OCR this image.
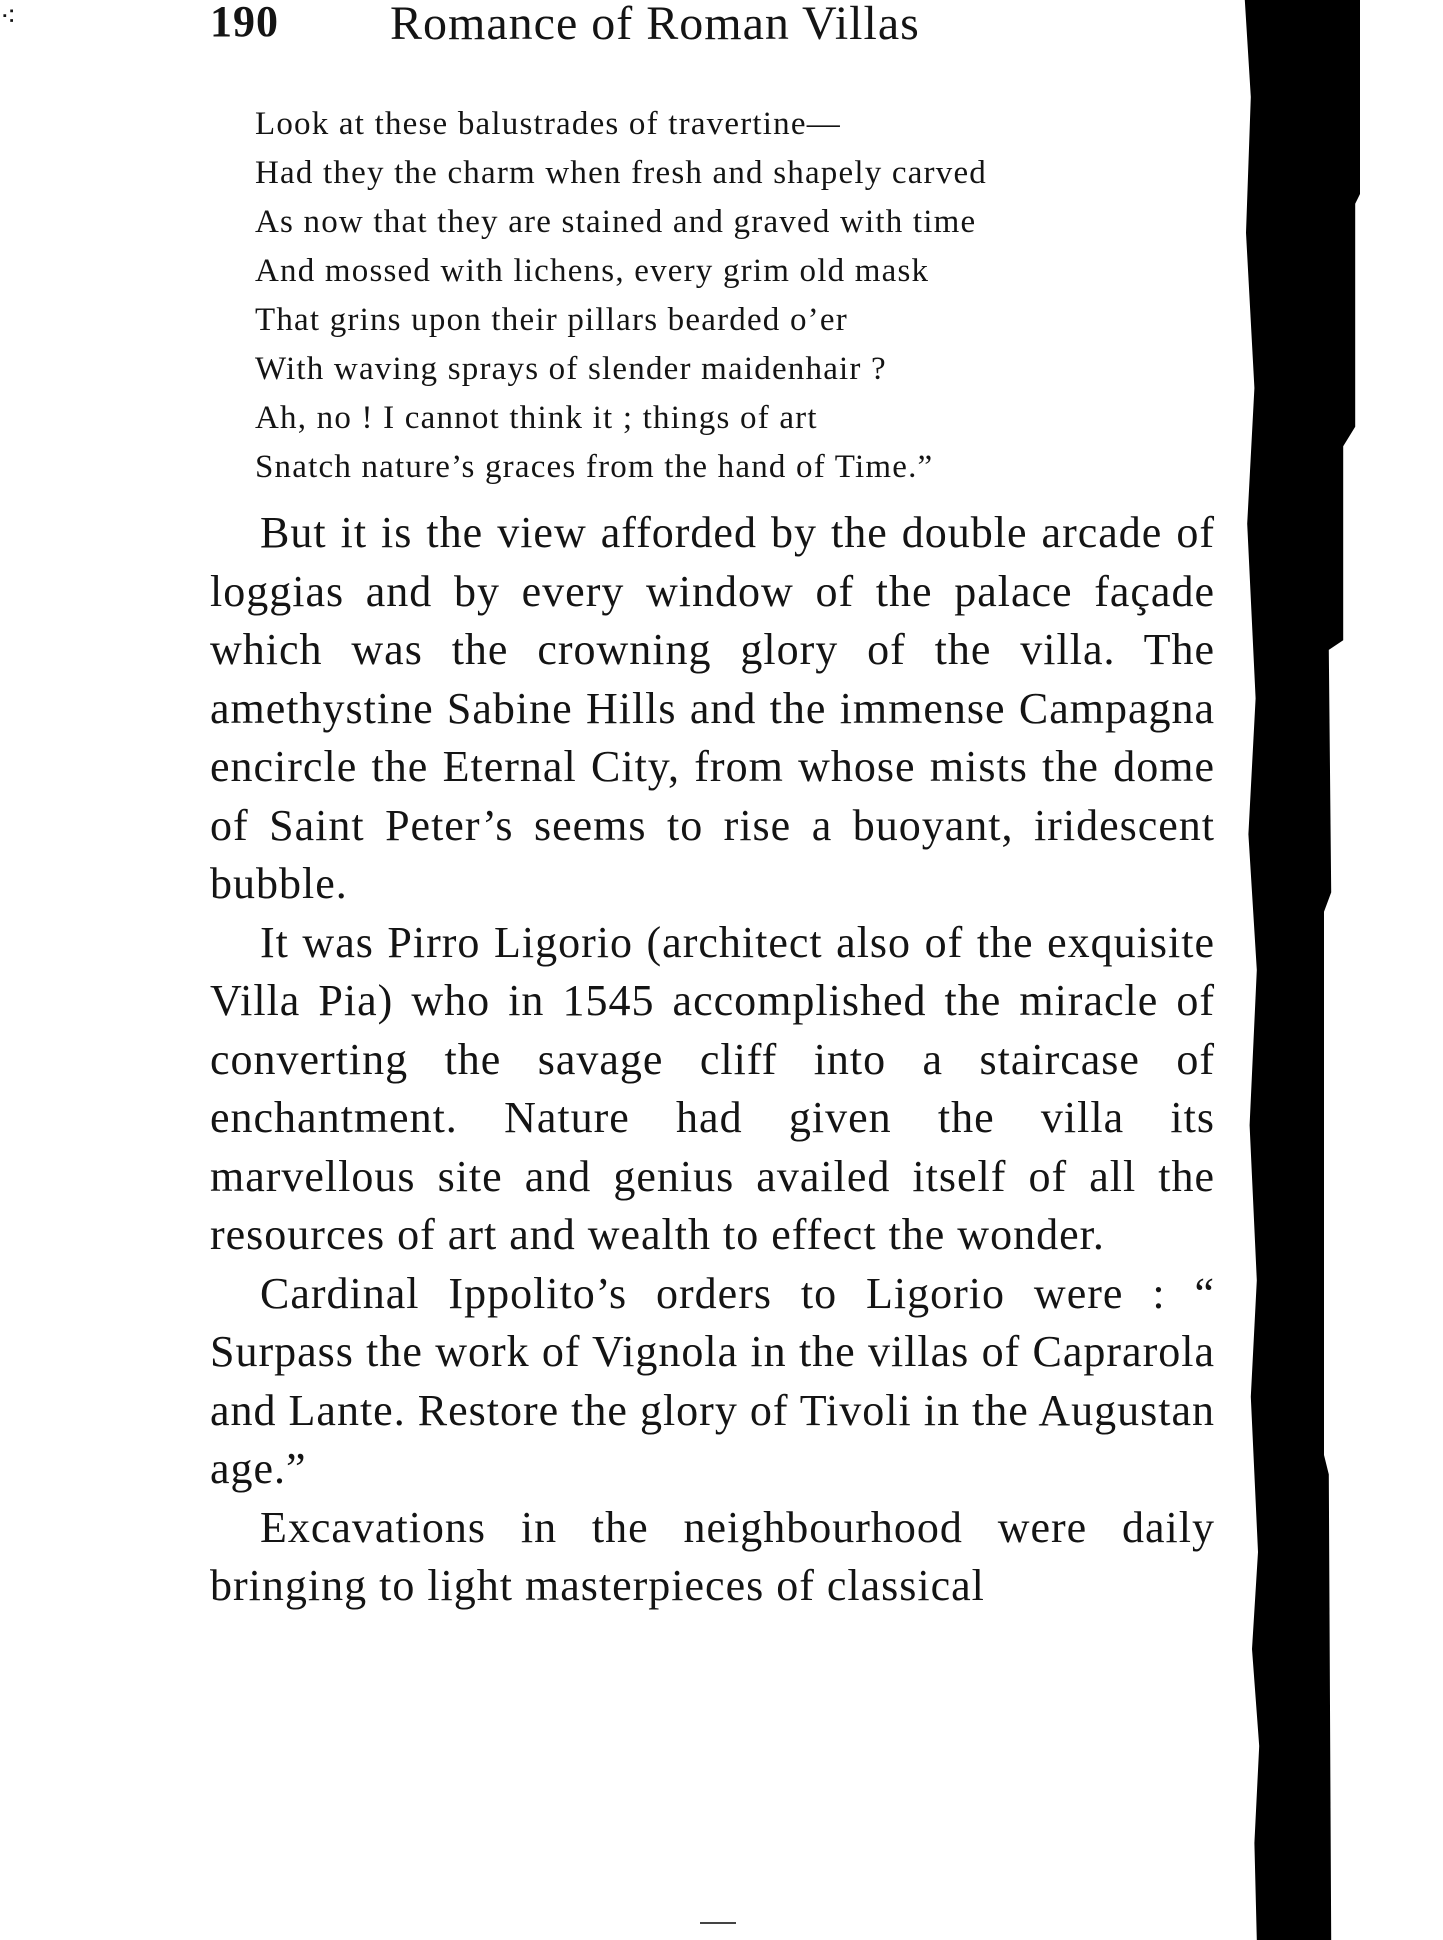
⁖	190 Romance of Roman Villas
Look at these balustrades of travertine—
Had they the charm when fresh and shapely carved
As now that they are stained and graved with time
And mossed with lichens, every grim old mask
That grins upon their pillars bearded o’er
With waving sprays of slender maidenhair ?
Ah, no ! I cannot think it ; things of art
Snatch nature’s graces from the hand of Time.”

But it is the view afforded by the double arcade of loggias and by every window of the palace façade which was the crowning glory of the villa. The amethystine Sabine Hills and the immense Campagna encircle the Eternal City, from whose mists the dome of Saint Peter’s seems to rise a buoyant, iridescent bubble.

It was Pirro Ligorio (architect also of the exquisite Villa Pia) who in 1545 accomplished the miracle of converting the savage cliff into a staircase of enchantment. Nature had given the villa its marvellous site and genius availed itself of all the resources of art and wealth to effect the wonder.

Cardinal Ippolito’s orders to Ligorio were : “ Surpass the work of Vignola in the villas of Caprarola and Lante. Restore the glory of Tivoli in the Augustan age.”

Excavations in the neighbourhood were daily bringing to light masterpieces of classical
